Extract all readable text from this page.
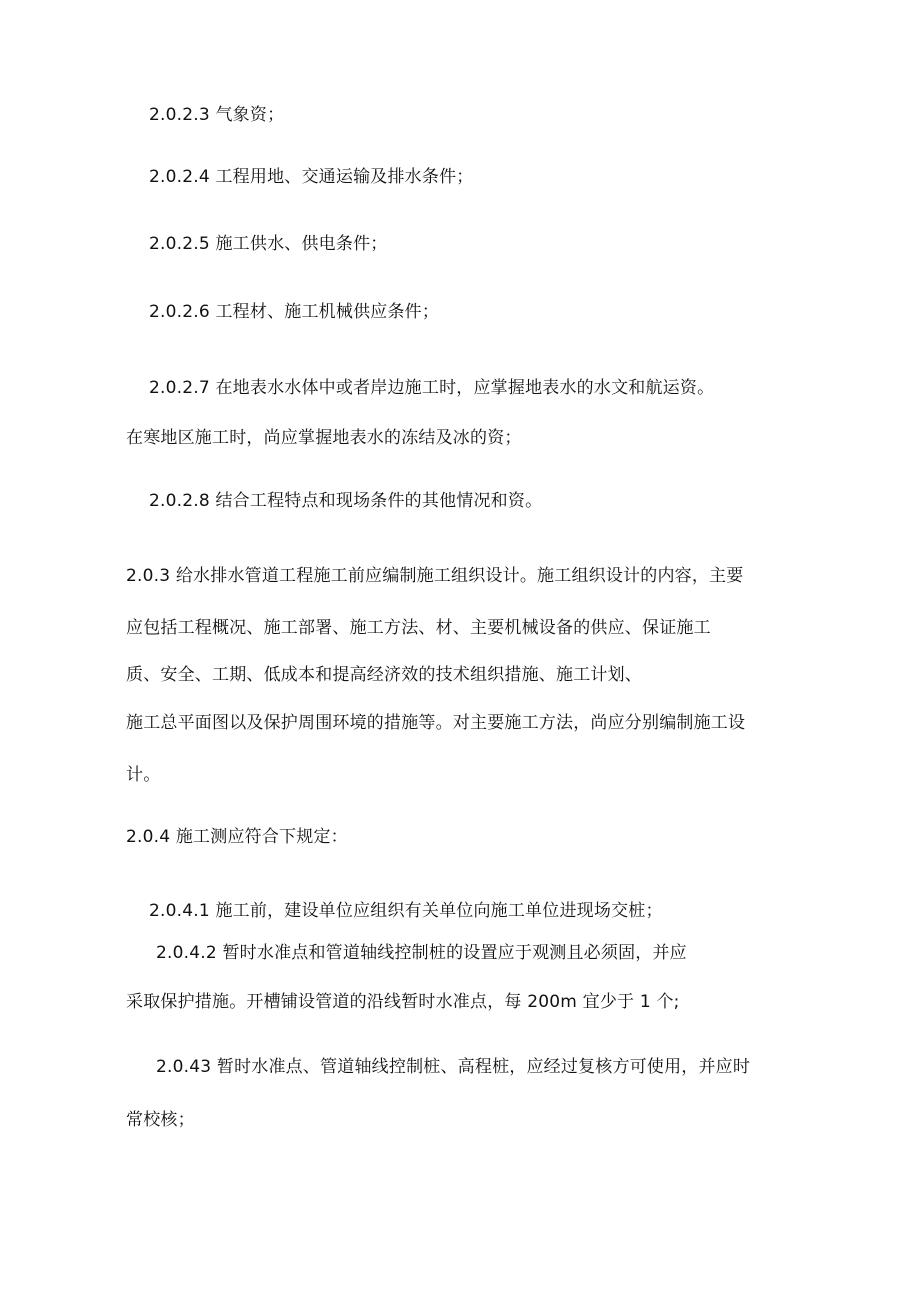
2.0.2.3 气象资；
2.0.2.4 工程用地、交通运输及排水条件；
2.0.2.5 施工供水、供电条件；
2.0.2.6 工程材、施工机械供应条件；
2.0.2.7 在地表水水体中或者岸边施工时，应掌握地表水的水文和航运资。
在寒地区施工时，尚应掌握地表水的冻结及冰的资；
2.0.2.8 结合工程特点和现场条件的其他情况和资。
2.0.3 给水排水管道工程施工前应编制施工组织设计。施工组织设计的内容，主要
应包括工程概况、施工部署、施工方法、材、主要机械设备的供应、保证施工
质、安全、工期、低成本和提高经济效的技术组织措施、施工计划、
施工总平面图以及保护周围环境的措施等。对主要施工方法，尚应分别编制施工设
计。
2.0.4 施工测应符合下规定：
2.0.4.1 施工前，建设单位应组织有关单位向施工单位进现场交桩；
2.0.4.2 暂时水准点和管道轴线控制桩的设置应于观测且必须固，并应
采取保护措施。开槽铺设管道的沿线暂时水准点，每 200m 宜少于 1 个;
2.0.43 暂时水准点、管道轴线控制桩、高程桩，应经过复核方可使用，并应时
常校核；
